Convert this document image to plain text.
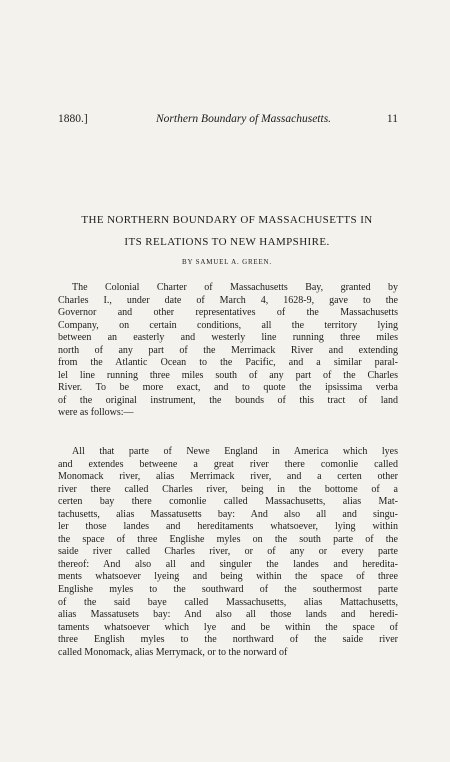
1880.]	Northern Boundary of Massachusetts.	11
THE NORTHERN BOUNDARY OF MASSACHUSETTS IN
ITS RELATIONS TO NEW HAMPSHIRE.
BY SAMUEL A. GREEN.
The Colonial Charter of Massachusetts Bay, granted by
Charles I., under date of March 4, 1628-9, gave to the
Governor and other representatives of the Massachusetts
Company, on certain conditions, all the territory lying
between an easterly and westerly line running three miles
north of any part of the Merrimack River and extending
from the Atlantic Ocean to the Pacific, and a similar paral-
lel line running three miles south of any part of the Charles
River. To be more exact, and to quote the ipsissima verba
of the original instrument, the bounds of this tract of land
were as follows:—
All that parte of Newe England in America which lyes
and extendes betweene a great river there comonlie called
Monomack river, alias Merrimack river, and a certen other
river there called Charles river, being in the bottome of a
certen bay there comonlie called Massachusetts, alias Mat-
tachusetts, alias Massatusetts bay: And also all and singu-
ler those landes and hereditaments whatsoever, lying within
the space of three Englishe myles on the south parte of the
saide river called Charles river, or of any or every parte
thereof: And also all and singuler the landes and heredita-
ments whatsoever lyeing and being within the space of three
Englishe myles to the southward of the southermost parte
of the said baye called Massachusetts, alias Mattachusetts,
alias Massatusets bay: And also all those lands and heredi-
taments whatsoever which lye and be within the space of
three English myles to the northward of the saide river
called Monomack, alias Merrymack, or to the norward of
